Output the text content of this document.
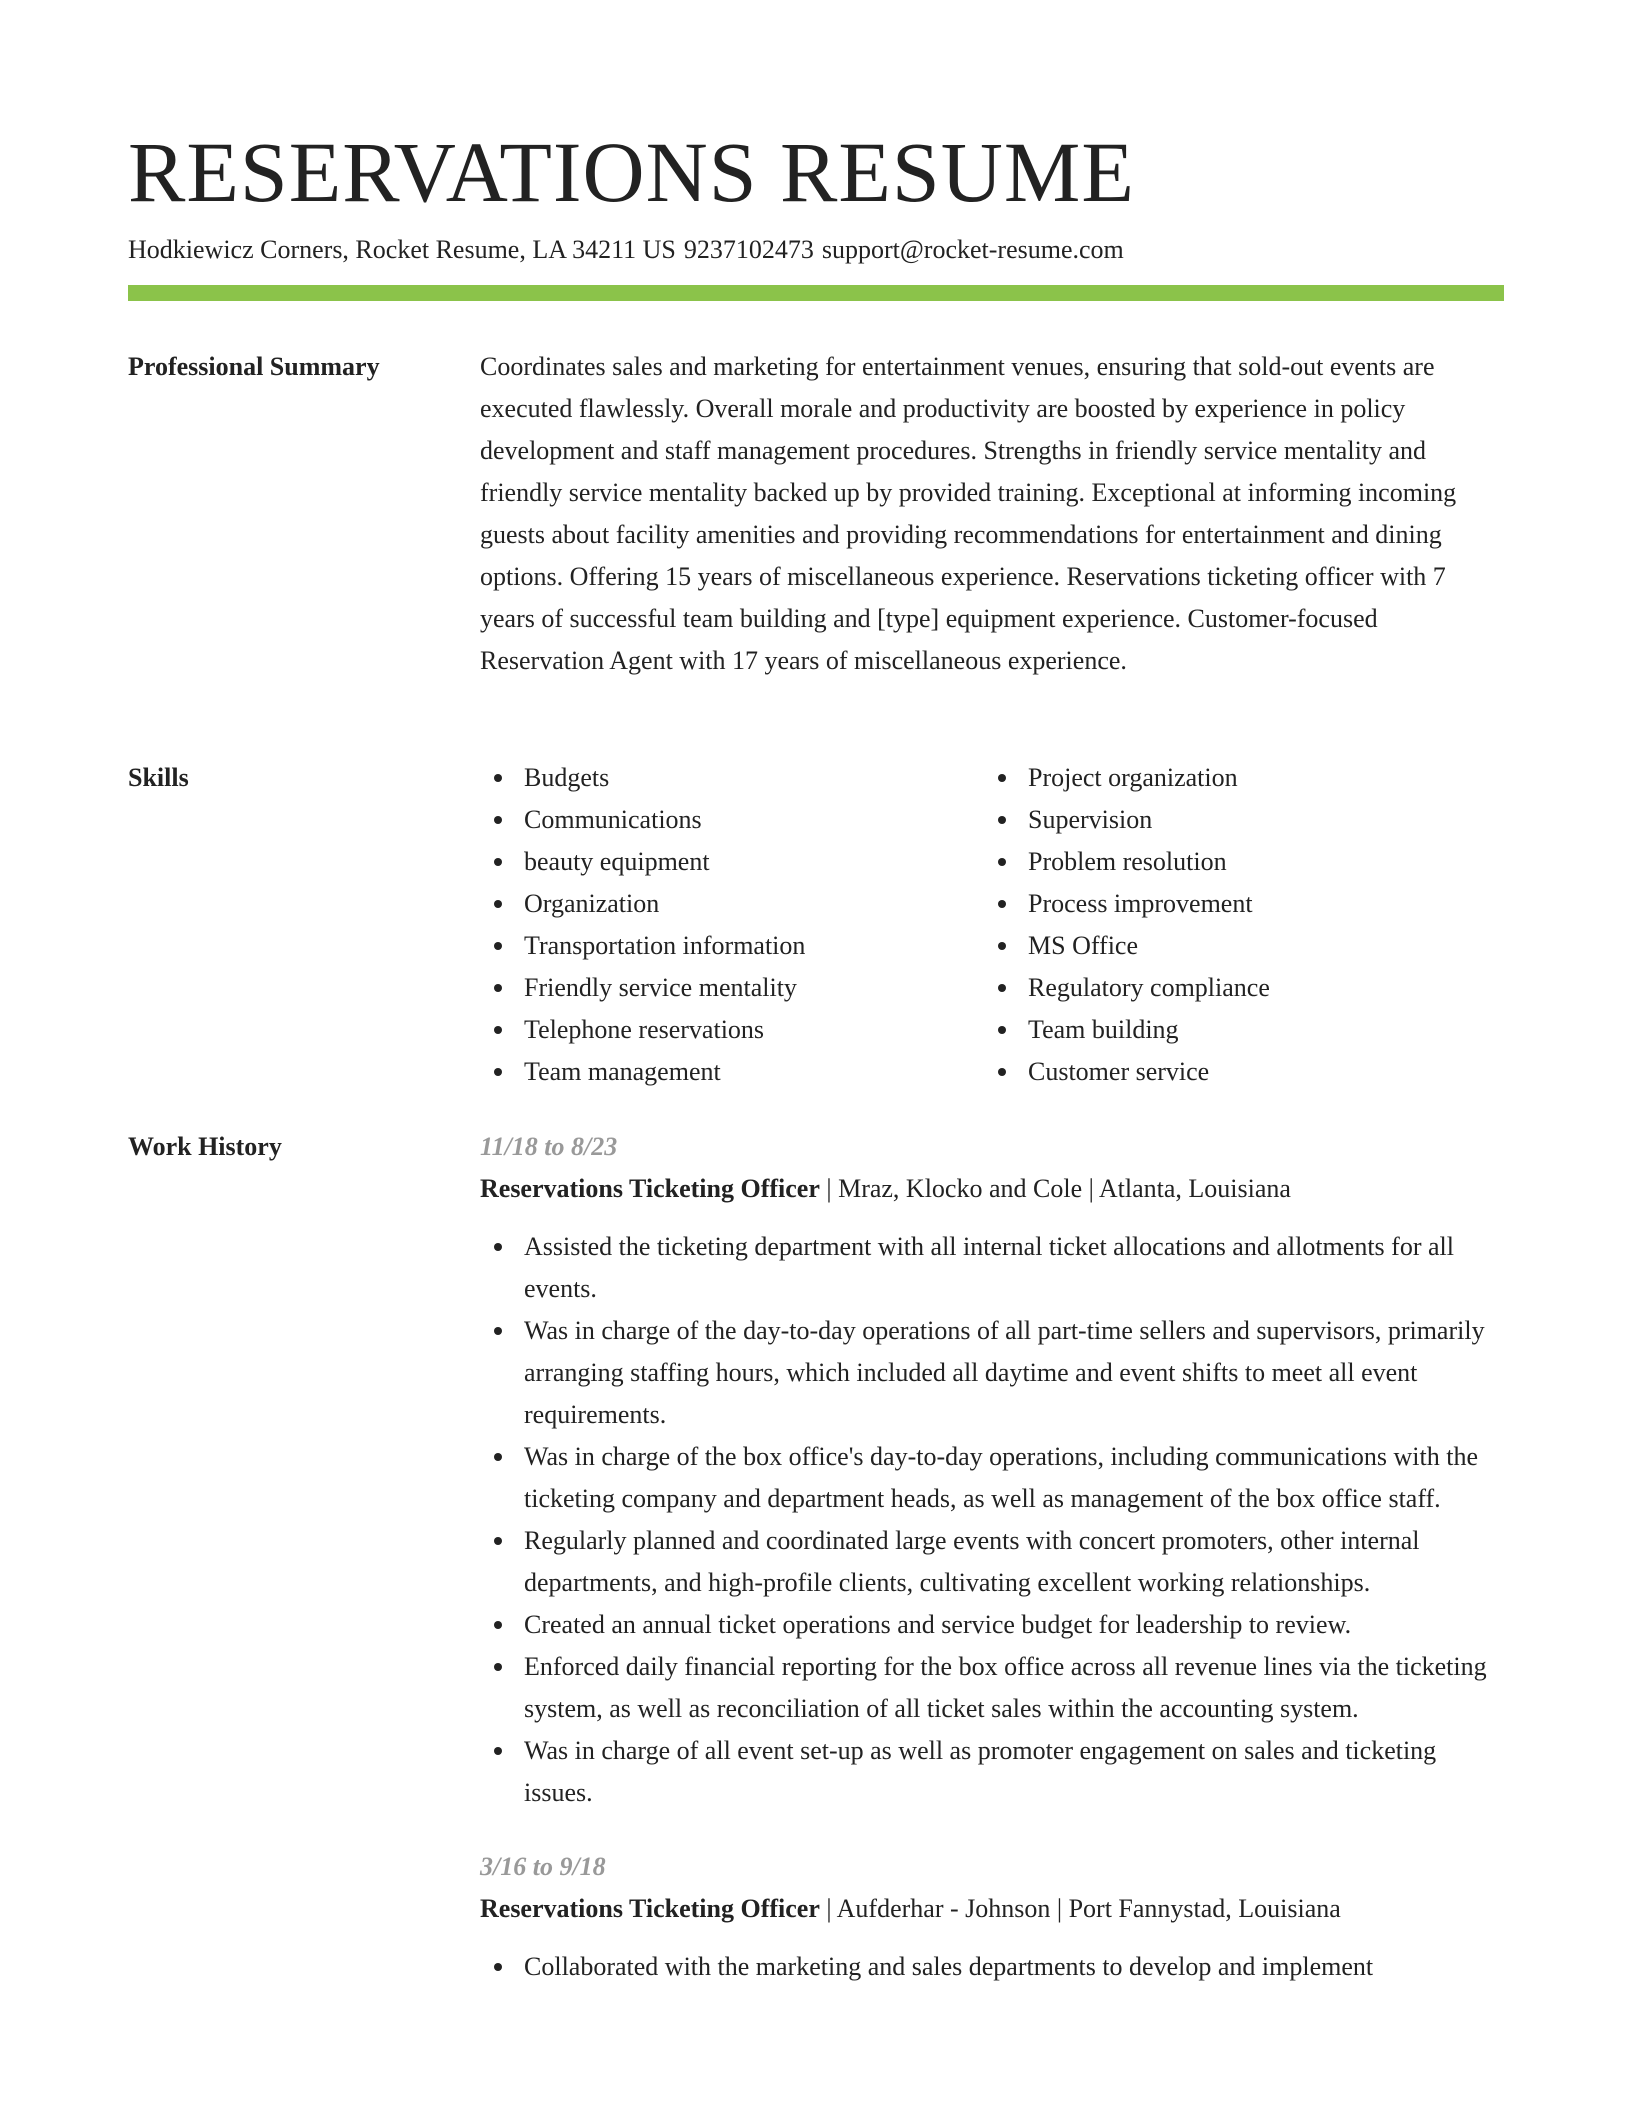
RESERVATIONS RESUME
Hodkiewicz Corners, Rocket Resume, LA 34211 US 9237102473 support@rocket-resume.com
Professional Summary	Coordinates sales and marketing for entertainment venues, ensuring that sold-out events are executed flawlessly. Overall morale and productivity are boosted by experience in policy development and staff management procedures. Strengths in friendly service mentality and friendly service mentality backed up by provided training. Exceptional at informing incoming guests about facility amenities and providing recommendations for entertainment and dining options. Offering 15 years of miscellaneous experience. Reservations ticketing officer with 7 years of successful team building and [type] equipment experience. Customer-focused Reservation Agent with 17 years of miscellaneous experience.

Skills	Budgets
Communications
beauty equipment
Organization
Transportation information
Friendly service mentality
Telephone reservations
Team management
Project organization
Supervision
Problem resolution
Process improvement
MS Office
Regulatory compliance
Team building
Customer service
Work History	11/18 to 8/23
Reservations Ticketing Officer | Mraz, Klocko and Cole | Atlanta, Louisiana
Assisted the ticketing department with all internal ticket allocations and allotments for all events.
Was in charge of the day-to-day operations of all part-time sellers and supervisors, primarily arranging staffing hours, which included all daytime and event shifts to meet all event requirements.
Was in charge of the box office's day-to-day operations, including communications with the ticketing company and department heads, as well as management of the box office staff.
Regularly planned and coordinated large events with concert promoters, other internal departments, and high-profile clients, cultivating excellent working relationships.
Created an annual ticket operations and service budget for leadership to review.
Enforced daily financial reporting for the box office across all revenue lines via the ticketing system, as well as reconciliation of all ticket sales within the accounting system.
Was in charge of all event set-up as well as promoter engagement on sales and ticketing issues.
3/16 to 9/18
Reservations Ticketing Officer | Aufderhar - Johnson | Port Fannystad, Louisiana
Collaborated with the marketing and sales departments to develop and implement
